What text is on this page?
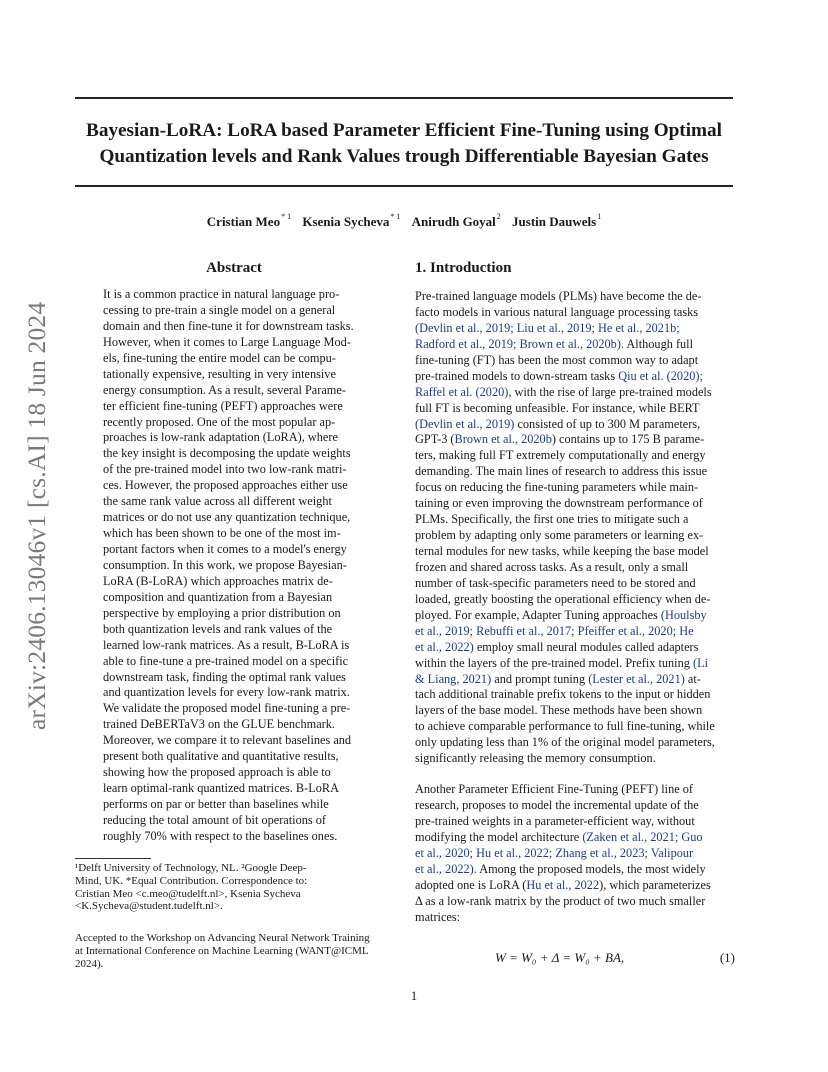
Bayesian-LoRA: LoRA based Parameter Efficient Fine-Tuning using Optimal
Quantization levels and Rank Values trough Differentiable Bayesian Gates
Cristian Meo$^{* 1}$ Ksenia Sycheva$^{* 1}$ Anirudh Goyal$^2$ Justin Dauwels$^1$
arXiv:2406.13046v1 [cs.AI] 18 Jun 2024
Abstract
It is a common practice in natural language pro-
cessing to pre-train a single model on a general
domain and then fine-tune it for downstream tasks.
However, when it comes to Large Language Mod-
els, fine-tuning the entire model can be compu-
tationally expensive, resulting in very intensive
energy consumption. As a result, several Parame-
ter efficient fine-tuning (PEFT) approaches were
recently proposed. One of the most popular ap-
proaches is low-rank adaptation (LoRA), where
the key insight is decomposing the update weights
of the pre-trained model into two low-rank matri-
ces. However, the proposed approaches either use
the same rank value across all different weight
matrices or do not use any quantization technique,
which has been shown to be one of the most im-
portant factors when it comes to a model's energy
consumption. In this work, we propose Bayesian-
LoRA (B-LoRA) which approaches matrix de-
composition and quantization from a Bayesian
perspective by employing a prior distribution on
both quantization levels and rank values of the
learned low-rank matrices. As a result, B-LoRA is
able to fine-tune a pre-trained model on a specific
downstream task, finding the optimal rank values
and quantization levels for every low-rank matrix.
We validate the proposed model fine-tuning a pre-
trained DeBERTaV3 on the GLUE benchmark.
Moreover, we compare it to relevant baselines and
present both qualitative and quantitative results,
showing how the proposed approach is able to
learn optimal-rank quantized matrices. B-LoRA
performs on par or better than baselines while
reducing the total amount of bit operations of
roughly 70% with respect to the baselines ones.
¹Delft University of Technology, NL. ²Google Deep-
Mind, UK. *Equal Contribution. Correspondence to:
Cristian Meo <c.meo@tudelft.nl>, Ksenia Sycheva
<K.Sycheva@student.tudelft.nl>.
Accepted to the Workshop on Advancing Neural Network Training
at International Conference on Machine Learning (WANT@ICML
2024).
1. Introduction
Pre-trained language models (PLMs) have become the de-
facto models in various natural language processing tasks
(Devlin et al., 2019; Liu et al., 2019; He et al., 2021b;
Radford et al., 2019; Brown et al., 2020b). Although full
fine-tuning (FT) has been the most common way to adapt
pre-trained models to down-stream tasks Qiu et al. (2020);
Raffel et al. (2020), with the rise of large pre-trained models
full FT is becoming unfeasible. For instance, while BERT
(Devlin et al., 2019) consisted of up to 300 M parameters,
GPT-3 (Brown et al., 2020b) contains up to 175 B parame-
ters, making full FT extremely computationally and energy
demanding. The main lines of research to address this issue
focus on reducing the fine-tuning parameters while main-
taining or even improving the downstream performance of
PLMs. Specifically, the first one tries to mitigate such a
problem by adapting only some parameters or learning ex-
ternal modules for new tasks, while keeping the base model
frozen and shared across tasks. As a result, only a small
number of task-specific parameters need to be stored and
loaded, greatly boosting the operational efficiency when de-
ployed. For example, Adapter Tuning approaches (Houlsby
et al., 2019; Rebuffi et al., 2017; Pfeiffer et al., 2020; He
et al., 2022) employ small neural modules called adapters
within the layers of the pre-trained model. Prefix tuning (Li
& Liang, 2021) and prompt tuning (Lester et al., 2021) at-
tach additional trainable prefix tokens to the input or hidden
layers of the base model. These methods have been shown
to achieve comparable performance to full fine-tuning, while
only updating less than 1% of the original model parameters,
significantly releasing the memory consumption.
Another Parameter Efficient Fine-Tuning (PEFT) line of
research, proposes to model the incremental update of the
pre-trained weights in a parameter-efficient way, without
modifying the model architecture (Zaken et al., 2021; Guo
et al., 2020; Hu et al., 2022; Zhang et al., 2023; Valipour
et al., 2022). Among the proposed models, the most widely
adopted one is LoRA (Hu et al., 2022), which parameterizes
Δ as a low-rank matrix by the product of two much smaller
matrices:
W = W₀ + Δ = W₀ + BA,	(1)
1
